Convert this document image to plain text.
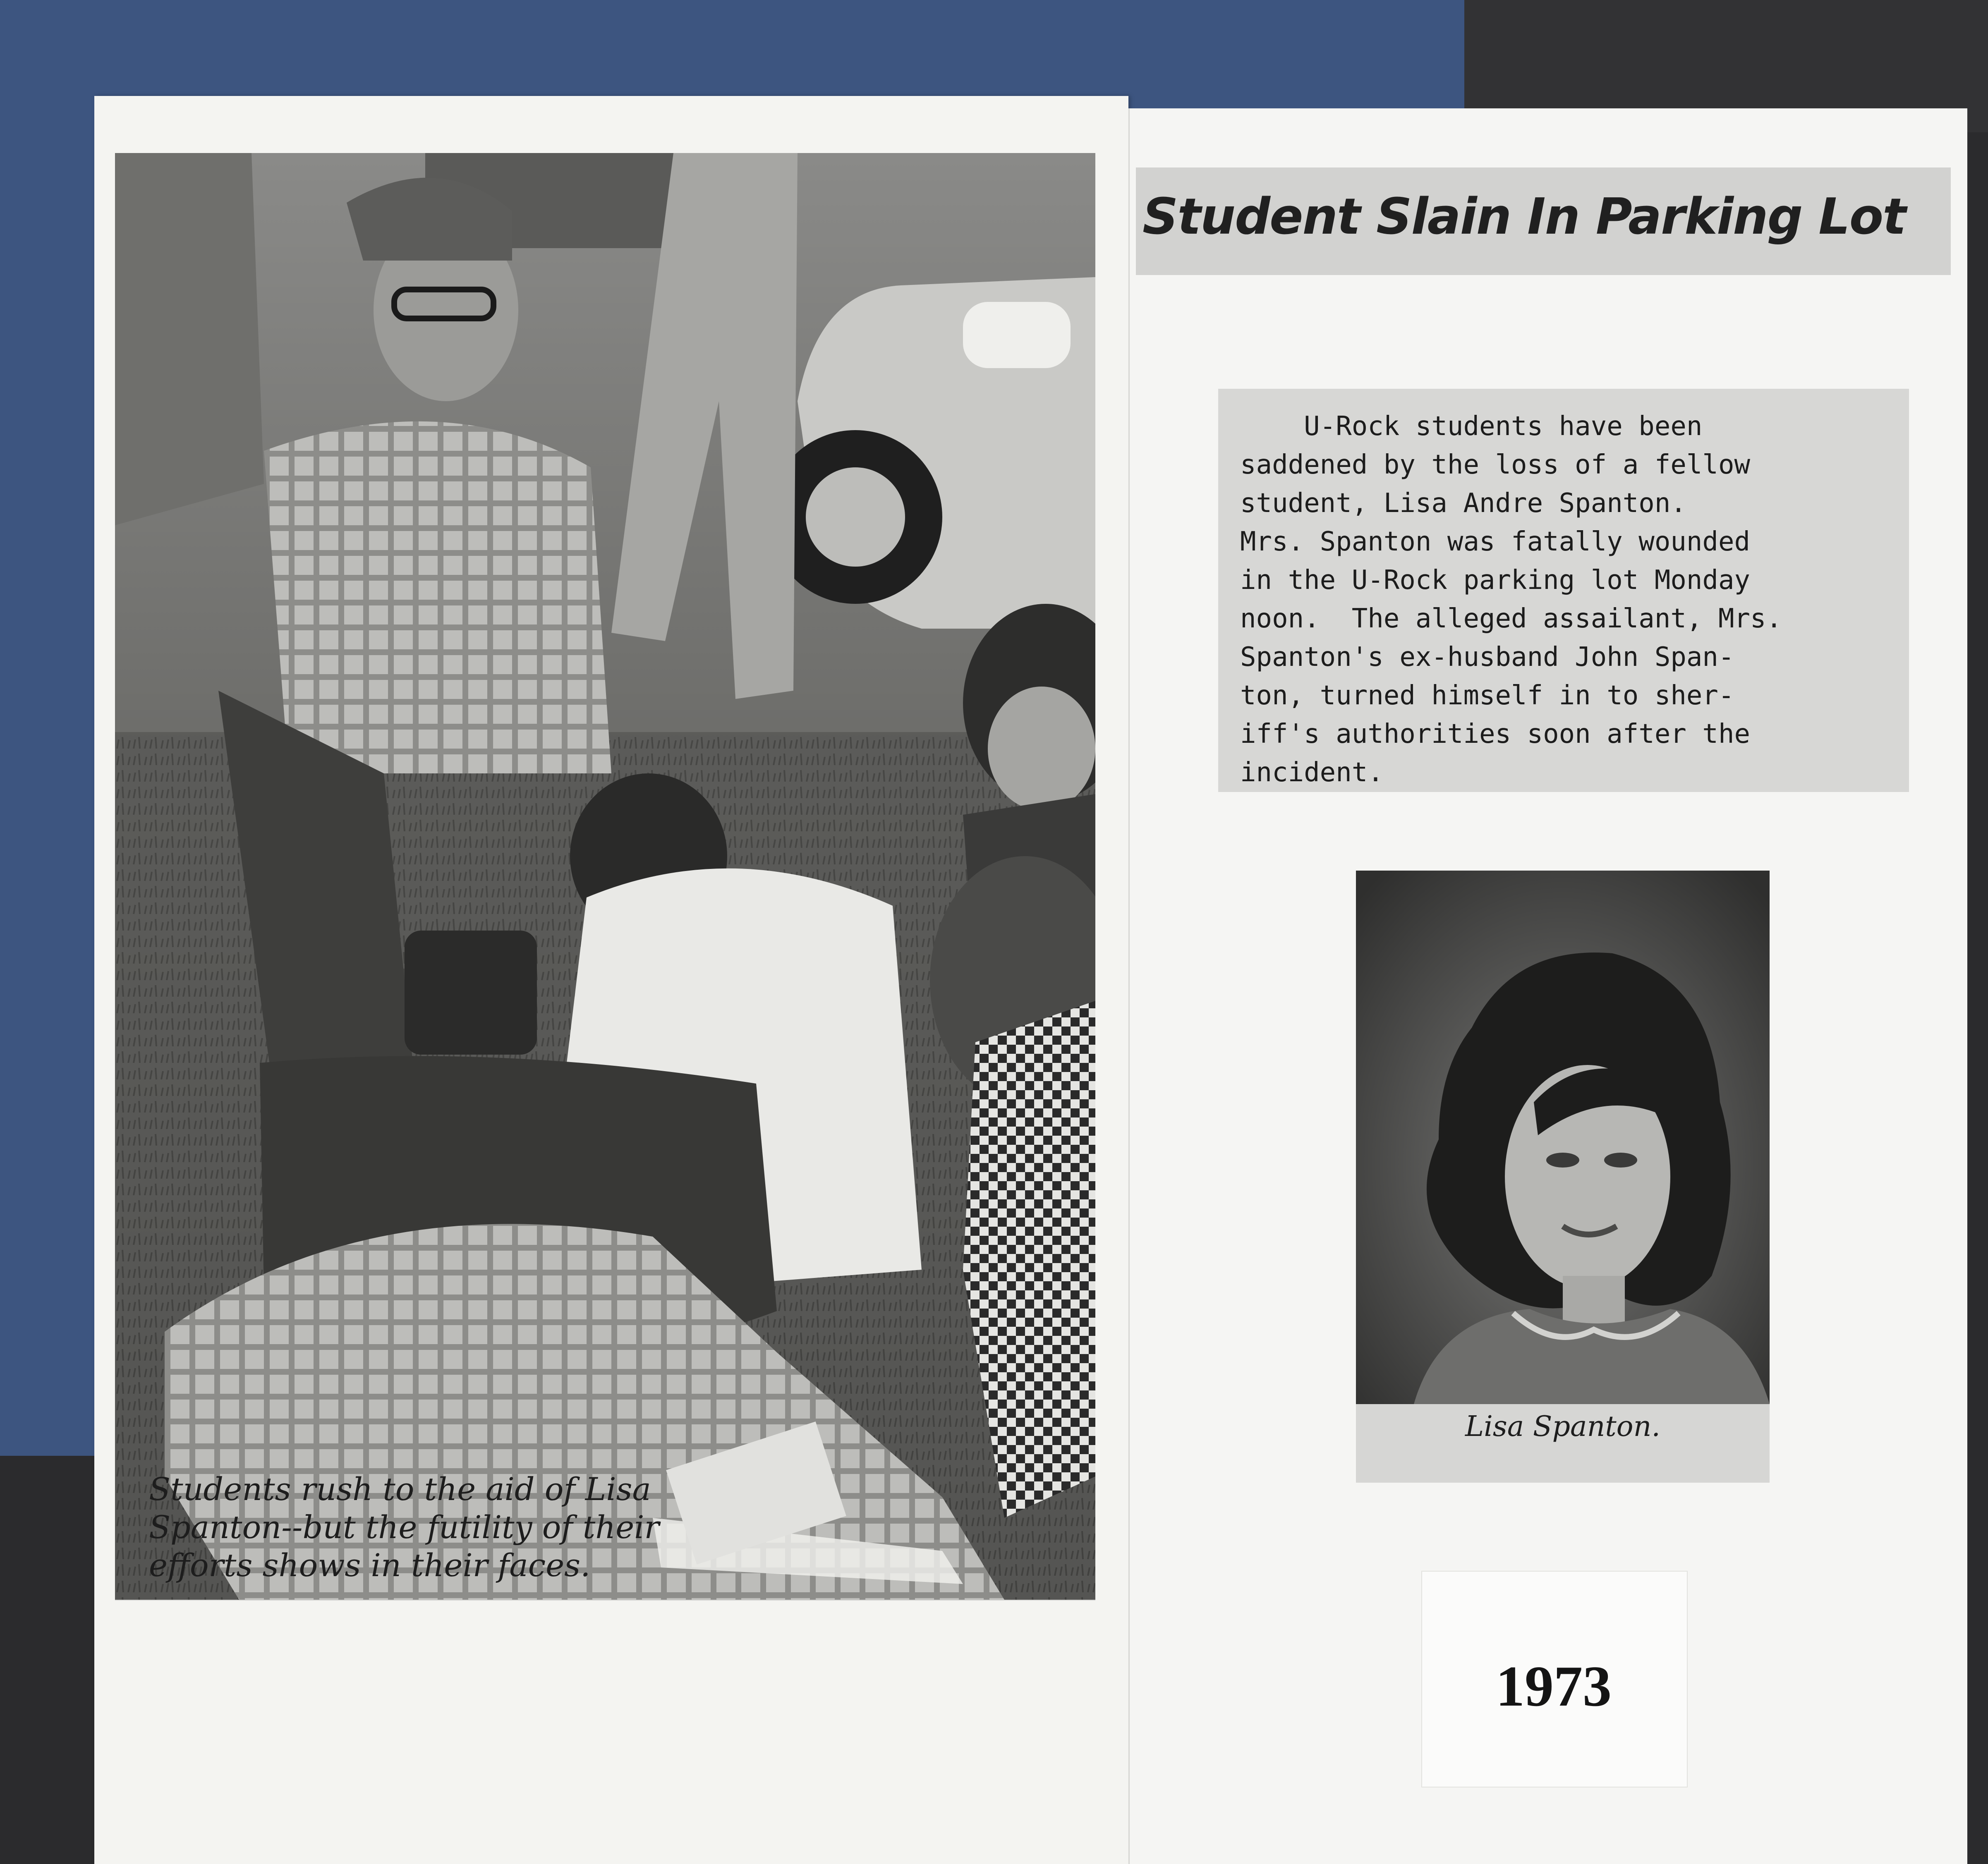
Students rush to the aid of Lisa
Spanton--but the futility of their
efforts shows in their faces.

Student Slain In Parking Lot

U-Rock students have been
saddened by the loss of a fellow
student, Lisa Andre Spanton.
Mrs. Spanton was fatally wounded
in the U-Rock parking lot Monday
noon.  The alleged assailant, Mrs.
Spanton's ex-husband John Span-
ton, turned himself in to sher-
iff's authorities soon after the
incident.

Lisa Spanton.

1973
